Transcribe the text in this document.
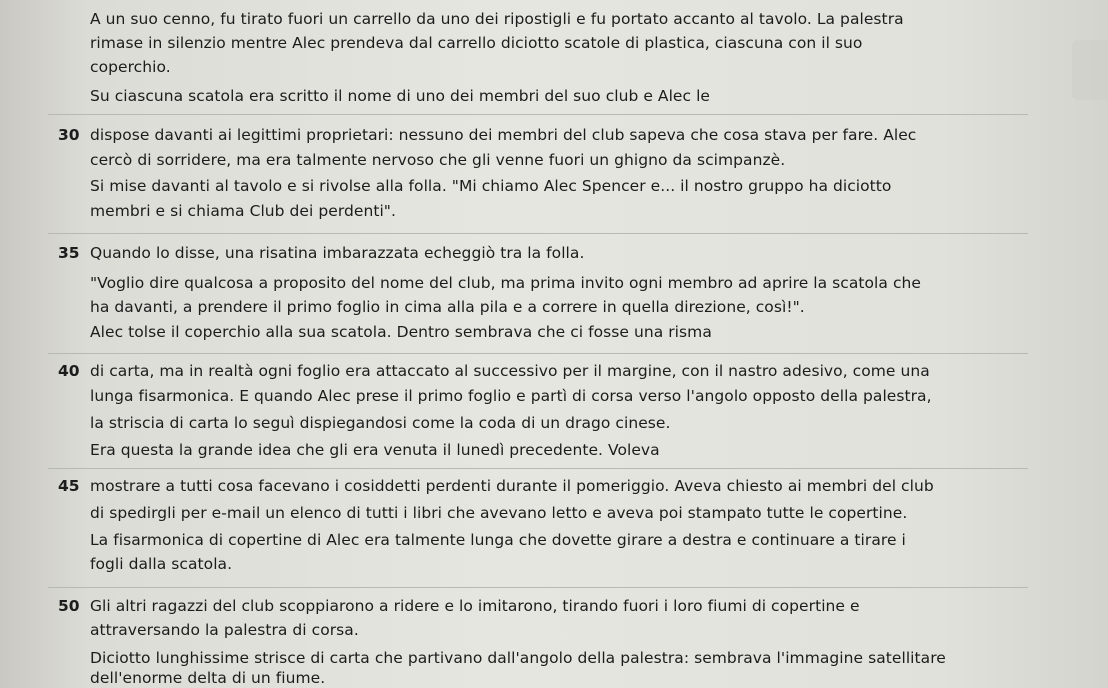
A un suo cenno, fu tirato fuori un carrello da uno dei ripostigli e fu portato accanto al tavolo. La palestra
rimase in silenzio mentre Alec prendeva dal carrello diciotto scatole di plastica, ciascuna con il suo
coperchio.
Su ciascuna scatola era scritto il nome di uno dei membri del suo club e Alec le
30 dispose davanti ai legittimi proprietari: nessuno dei membri del club sapeva che cosa stava per fare. Alec
cercò di sorridere, ma era talmente nervoso che gli venne fuori un ghigno da scimpanzè.
Si mise davanti al tavolo e si rivolse alla folla. "Mi chiamo Alec Spencer e... il nostro gruppo ha diciotto
membri e si chiama Club dei perdenti".
35 Quando lo disse, una risatina imbarazzata echeggiò tra la folla.
"Voglio dire qualcosa a proposito del nome del club, ma prima invito ogni membro ad aprire la scatola che
ha davanti, a prendere il primo foglio in cima alla pila e a correre in quella direzione, così!".
Alec tolse il coperchio alla sua scatola. Dentro sembrava che ci fosse una risma
40 di carta, ma in realtà ogni foglio era attaccato al successivo per il margine, con il nastro adesivo, come una
lunga fisarmonica. E quando Alec prese il primo foglio e partì di corsa verso l'angolo opposto della palestra,
la striscia di carta lo seguì dispiegandosi come la coda di un drago cinese.
Era questa la grande idea che gli era venuta il lunedì precedente. Voleva
45 mostrare a tutti cosa facevano i cosiddetti perdenti durante il pomeriggio. Aveva chiesto ai membri del club
di spedirgli per e-mail un elenco di tutti i libri che avevano letto e aveva poi stampato tutte le copertine.
La fisarmonica di copertine di Alec era talmente lunga che dovette girare a destra e continuare a tirare i
fogli dalla scatola.
50 Gli altri ragazzi del club scoppiarono a ridere e lo imitarono, tirando fuori i loro fiumi di copertine e
attraversando la palestra di corsa.
Diciotto lunghissime strisce di carta che partivano dall'angolo della palestra: sembrava l'immagine satellitare
dell'enorme delta di un fiume.
